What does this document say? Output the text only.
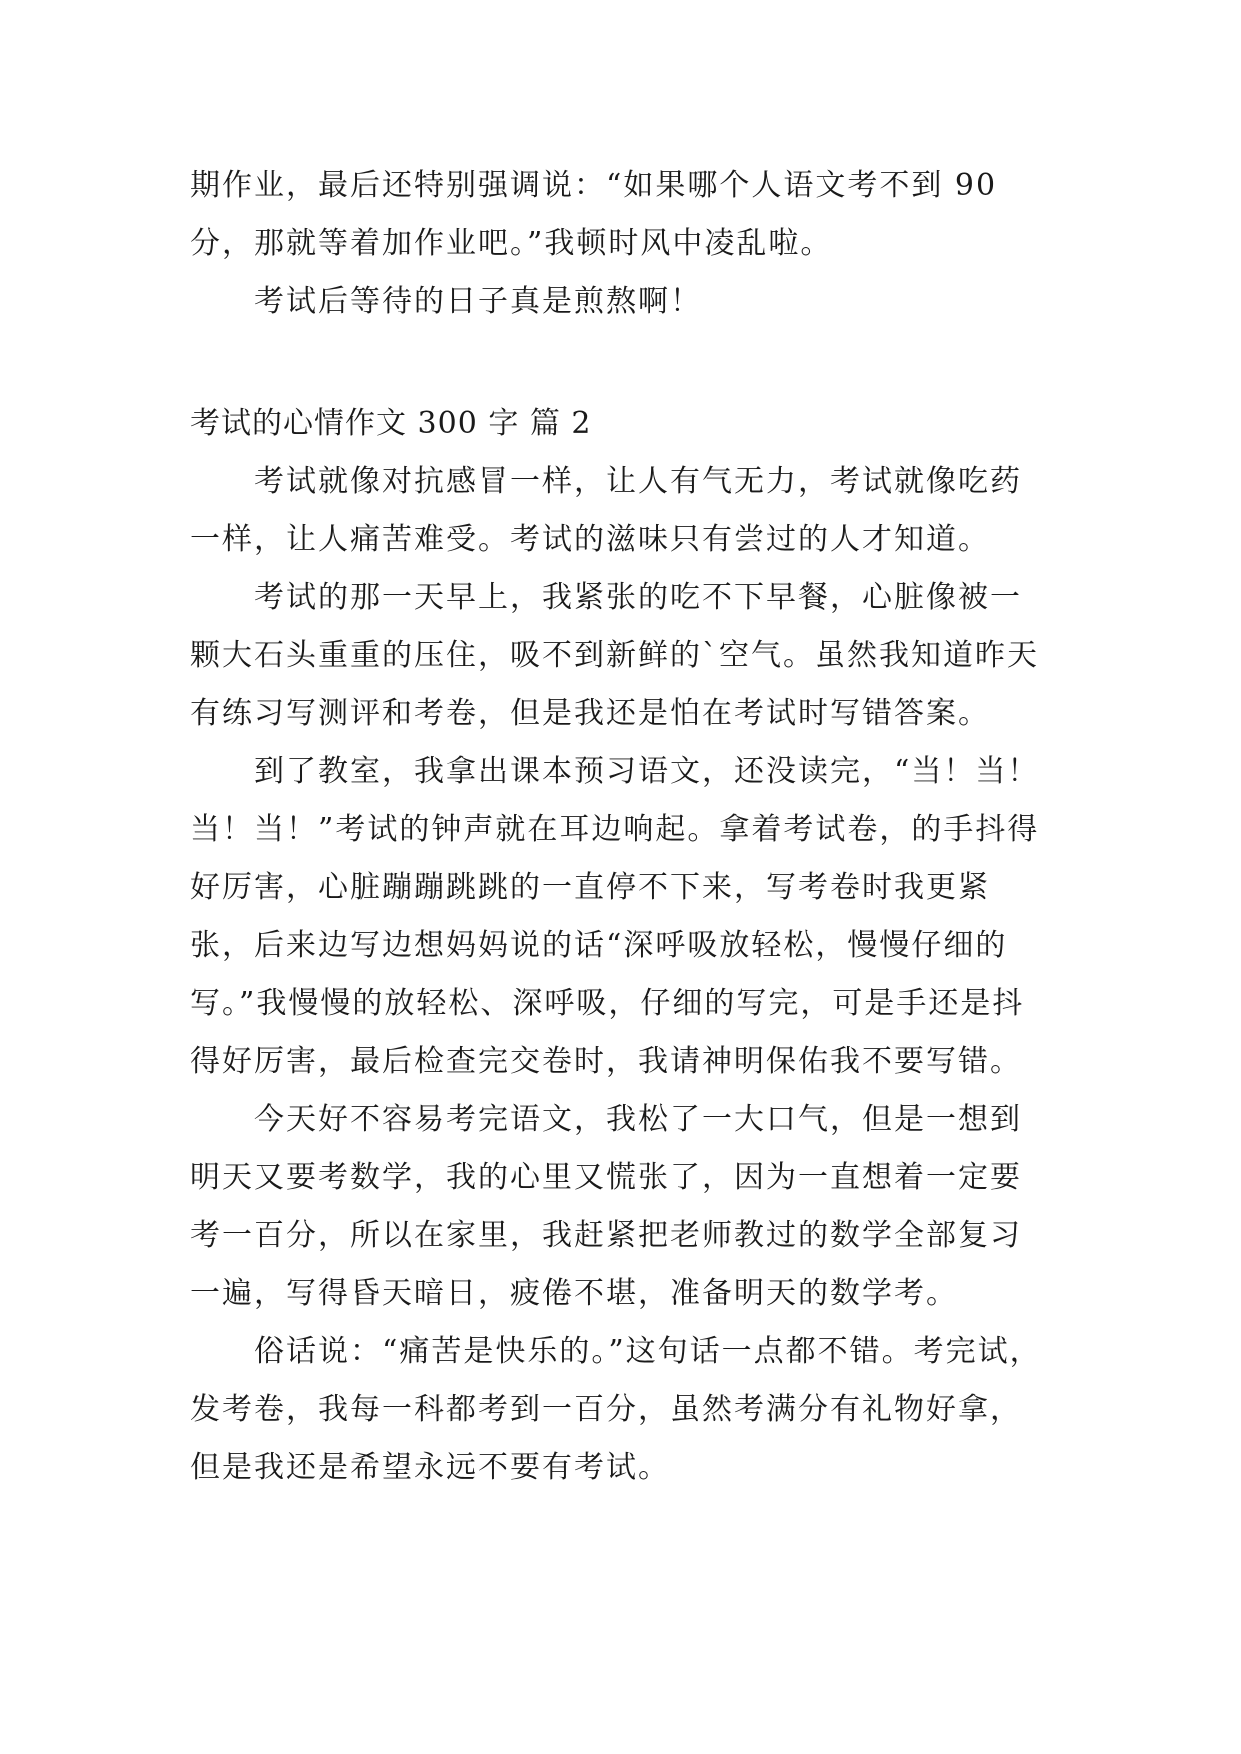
期作业，最后还特别强调说：“如果哪个人语文考不到 90 分，那就等着加作业吧。”我顿时风中凌乱啦。

考试后等待的日子真是煎熬啊！

考试的心情作文 300 字 篇 2

考试就像对抗感冒一样，让人有气无力，考试就像吃药一样，让人痛苦难受。考试的滋味只有尝过的人才知道。

考试的那一天早上，我紧张的吃不下早餐，心脏像被一颗大石头重重的压住，吸不到新鲜的`空气。虽然我知道昨天有练习写测评和考卷，但是我还是怕在考试时写错答案。

到了教室，我拿出课本预习语文，还没读完，“当！当！当！当！”考试的钟声就在耳边响起。拿着考试卷，的手抖得好厉害，心脏蹦蹦跳跳的一直停不下来，写考卷时我更紧张，后来边写边想妈妈说的话“深呼吸放轻松，慢慢仔细的写。”我慢慢的放轻松、深呼吸，仔细的写完，可是手还是抖得好厉害，最后检查完交卷时，我请神明保佑我不要写错。

今天好不容易考完语文，我松了一大口气，但是一想到明天又要考数学，我的心里又慌张了，因为一直想着一定要考一百分，所以在家里，我赶紧把老师教过的数学全部复习一遍，写得昏天暗日，疲倦不堪，准备明天的数学考。

俗话说：“痛苦是快乐的。”这句话一点都不错。考完试，发考卷，我每一科都考到一百分，虽然考满分有礼物好拿，但是我还是希望永远不要有考试。
